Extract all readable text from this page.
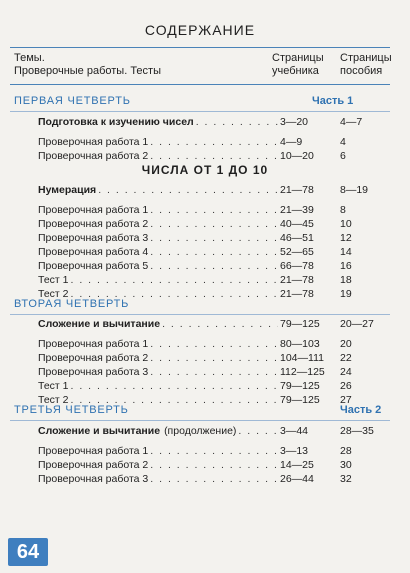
СОДЕРЖАНИЕ
Темы.
Проверочные работы. Тесты
Страницы
учебника
Страницы
пособия
ПЕРВАЯ ЧЕТВЕРТЬ	Часть 1
Подготовка к изучению чисел . . .	3—20	4—7
Проверочная работа 1 . . .	4—9	4
Проверочная работа 2 . . .	10—20	6
ЧИСЛА ОТ 1 ДО 10
Нумерация . . .	21—78	8—19
Проверочная работа 1 . . .	21—39	8
Проверочная работа 2 . . .	40—45	10
Проверочная работа 3 . . .	46—51	12
Проверочная работа 4 . . .	52—65	14
Проверочная работа 5 . . .	66—78	16
Тест 1 . . .	21—78	18
Тест 2 . . .	21—78	19
ВТОРАЯ ЧЕТВЕРТЬ
Сложение и вычитание . . .	79—125	20—27
Проверочная работа 1 . . .	80—103	20
Проверочная работа 2 . . .	104—111	22
Проверочная работа 3 . . .	112—125	24
Тест 1 . . .	79—125	26
Тест 2 . . .	79—125	27
ТРЕТЬЯ ЧЕТВЕРТЬ	Часть 2
Сложение и вычитание (продолжение) . . .	3—44	28—35
Проверочная работа 1 . . .	3—13	28
Проверочная работа 2 . . .	14—25	30
Проверочная работа 3 . . .	26—44	32
64
